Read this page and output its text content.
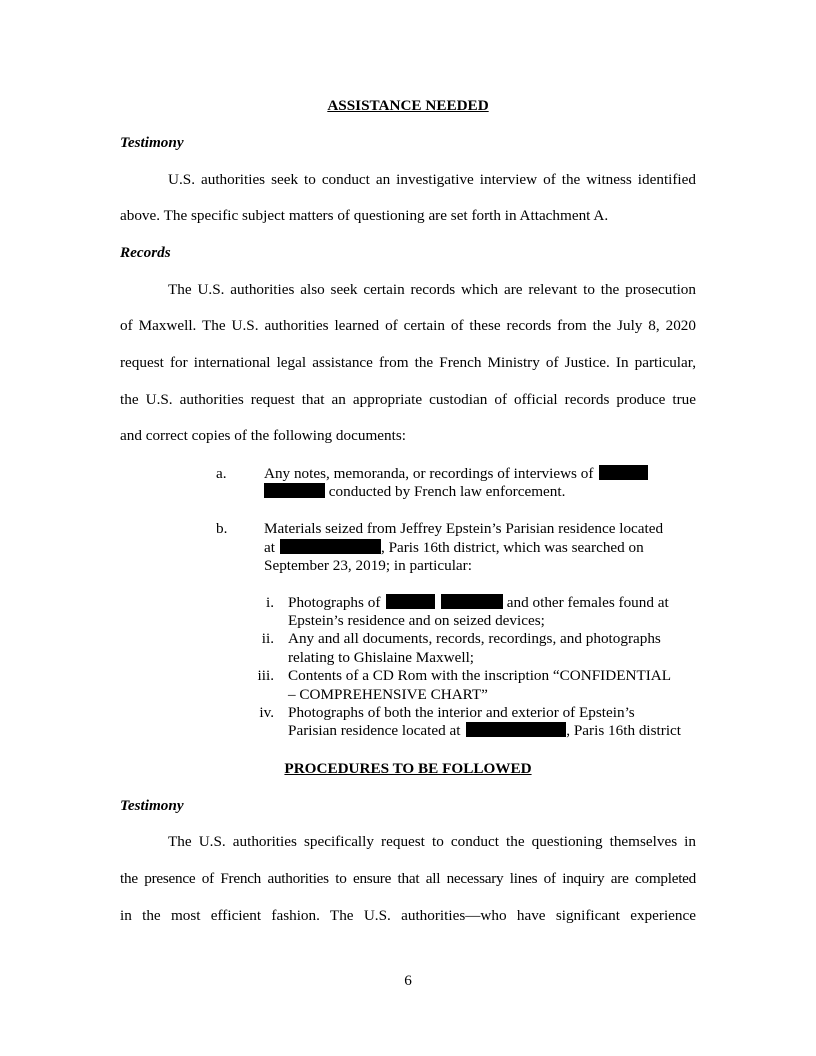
ASSISTANCE NEEDED
Testimony
U.S. authorities seek to conduct an investigative interview of the witness identified
above. The specific subject matters of questioning are set forth in Attachment A.
Records
The U.S. authorities also seek certain records which are relevant to the prosecution
of Maxwell. The U.S. authorities learned of certain of these records from the July 8, 2020
request for international legal assistance from the French Ministry of Justice. In particular,
the U.S. authorities request that an appropriate custodian of official records produce true
and correct copies of the following documents:
a. Any notes, memoranda, or recordings of interviews of
conducted by French law enforcement.
b. Materials seized from Jeffrey Epstein’s Parisian residence located
at	, Paris 16th district, which was searched on
September 23, 2019; in particular:
i. Photographs of	and other females found at
Epstein’s residence and on seized devices;
ii. Any and all documents, records, recordings, and photographs
relating to Ghislaine Maxwell;
iii. Contents of a CD Rom with the inscription “CONFIDENTIAL
– COMPREHENSIVE CHART”
iv. Photographs of both the interior and exterior of Epstein’s
Parisian residence located at	, Paris 16th district
PROCEDURES TO BE FOLLOWED
Testimony
The U.S. authorities specifically request to conduct the questioning themselves in
the presence of French authorities to ensure that all necessary lines of inquiry are completed
in the most efficient fashion. The U.S. authorities—who have significant experience
6
